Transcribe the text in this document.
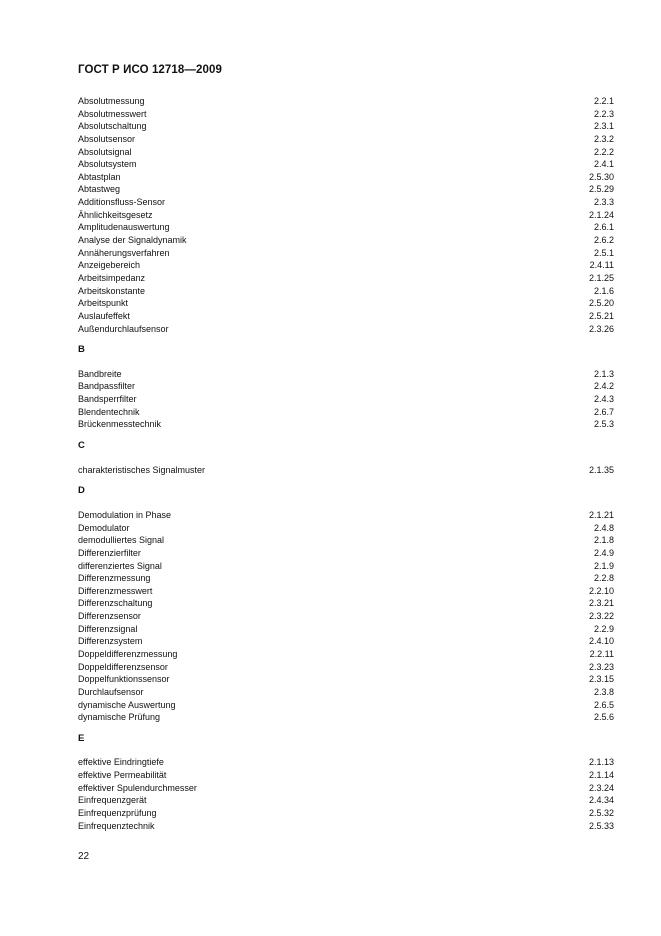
ГОСТ Р ИСО 12718—2009
Absolutmessung	2.2.1
Absolutmesswert	2.2.3
Absolutschaltung	2.3.1
Absolutsensor	2.3.2
Absolutsignal	2.2.2
Absolutsystem	2.4.1
Abtastplan	2.5.30
Abtastweg	2.5.29
Additionsfluss-Sensor	2.3.3
Ähnlichkeitsgesetz	2.1.24
Amplitudenauswertung	2.6.1
Analyse der Signaldynamik	2.6.2
Annäherungsverfahren	2.5.1
Anzeigebereich	2.4.11
Arbeitsimpedanz	2.1.25
Arbeitskonstante	2.1.6
Arbeitspunkt	2.5.20
Auslaufeffekt	2.5.21
Außendurchlaufsensor	2.3.26
B
Bandbreite	2.1.3
Bandpassfilter	2.4.2
Bandsperrfilter	2.4.3
Blendentechnik	2.6.7
Brückenmesstechnik	2.5.3
C
charakteristisches Signalmuster	2.1.35
D
Demodulation in Phase	2.1.21
Demodulator	2.4.8
demodulliertes Signal	2.1.8
Differenzierfilter	2.4.9
differenziertes Signal	2.1.9
Differenzmessung	2.2.8
Differenzmesswert	2.2.10
Differenzschaltung	2.3.21
Differenzsensor	2.3.22
Differenzsignal	2.2.9
Differenzsystem	2.4.10
Doppeldifferenzmessung	2.2.11
Doppeldifferenzsensor	2.3.23
Doppelfunktionssensor	2.3.15
Durchlaufsensor	2.3.8
dynamische Auswertung	2.6.5
dynamische Prüfung	2.5.6
E
effektive Eindringtiefe	2.1.13
effektive Permeabilität	2.1.14
effektiver Spulendurchmesser	2.3.24
Einfrequenzgerät	2.4.34
Einfrequenzprüfung	2.5.32
Einfrequenztechnik	2.5.33
22
